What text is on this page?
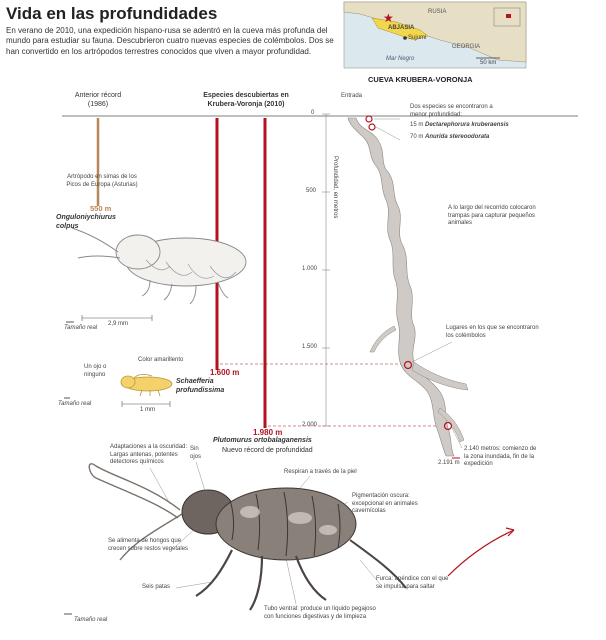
★
Vida en las profundidades
En verano de 2010, una expedición hispano-rusa se adentró en la cueva más profunda del mundo para estudiar su fauna. Descubrieron cuatro nuevas especies de colémbolos. Dos se han convertido en los artrópodos terrestres conocidos que viven a mayor profundidad.
RUSIA
ABJASIA
Sujumi
GEORGIA
Mar Negro
50 km
CUEVA KRUBERA-VORONJA
Anterior récord
(1986)
Especies descubiertas en Krubera-Voronja (2010)
Artrópodo en simas de los Picos de Europa (Asturias)
550 m
Onguloniychiurus colpus
2,9 mm
Tamaño real
Un ojo o ninguno
Color amarillento
1.600 m
Schaefferia profundissima
1 mm
Tamaño real
1.980 m
Plutomurus ortobalaganensis
Nuevo récord de profundidad
Tamaño real
0
500
1.000
1.500
2.000
Profundidad, en metros
Entrada
Dos especies se encontraron a menor profundidad:
15 m Dectarephorura kruberaensis
70 m Anurida stereoodorata
A lo largo del recorrido colocaron trampas para capturar pequeños animales
Lugares en los que se encontraron los colémbolos
2.191 m
2.140 metros: comienzo de la zona inundada, fin de la expedición
Adaptaciones a la oscuridad: Largas antenas, potentes detectores químicos
Sin ojos
Respiran a través de la piel
Pigmentación oscura: excepcional en animales cavernícolas
Se alimenta de hongos que crecen sobre restos vegetales
Seis patas
Furca: apéndice con el que se impulsa para saltar
Tubo ventral: produce un líquido pegajoso con funciones digestivas y de limpieza
